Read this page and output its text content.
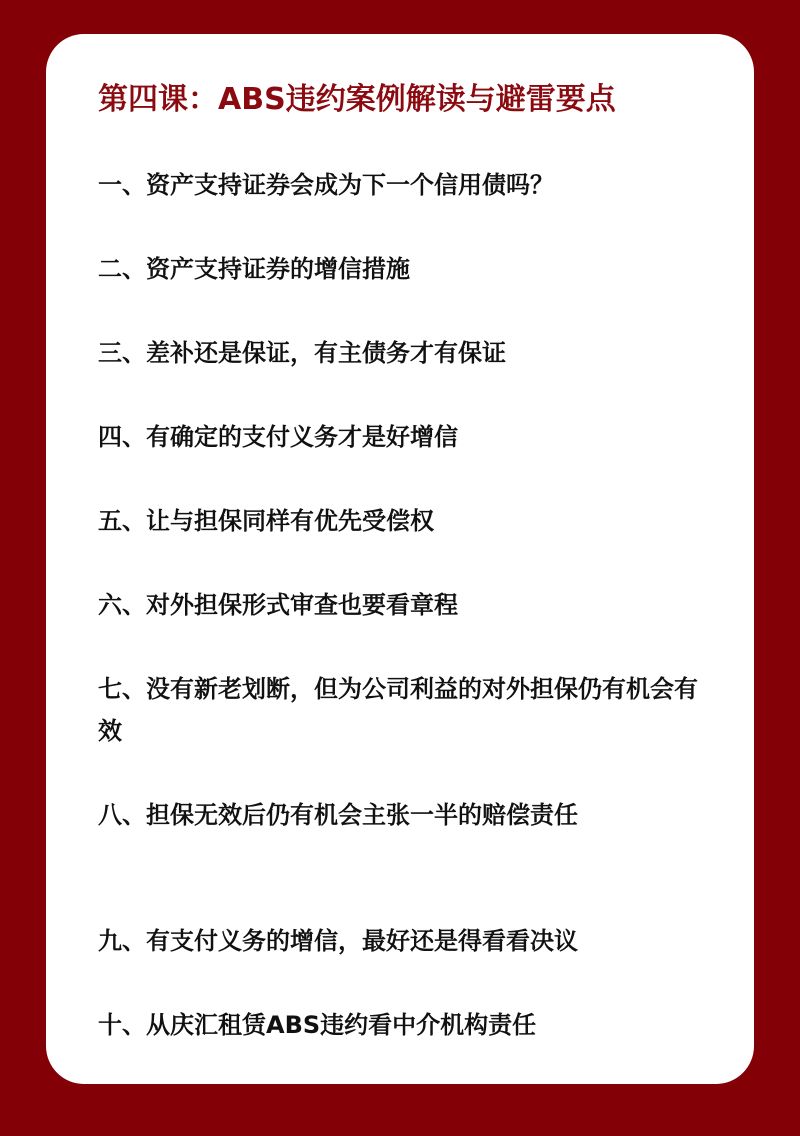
第四课：ABS违约案例解读与避雷要点
一、资产支持证券会成为下一个信用债吗？
二、资产支持证券的增信措施
三、差补还是保证，有主债务才有保证
四、有确定的支付义务才是好增信
五、让与担保同样有优先受偿权
六、对外担保形式审查也要看章程
七、没有新老划断，但为公司利益的对外担保仍有机会有效
八、担保无效后仍有机会主张一半的赔偿责任
九、有支付义务的增信，最好还是得看看决议
十、从庆汇租赁ABS违约看中介机构责任
